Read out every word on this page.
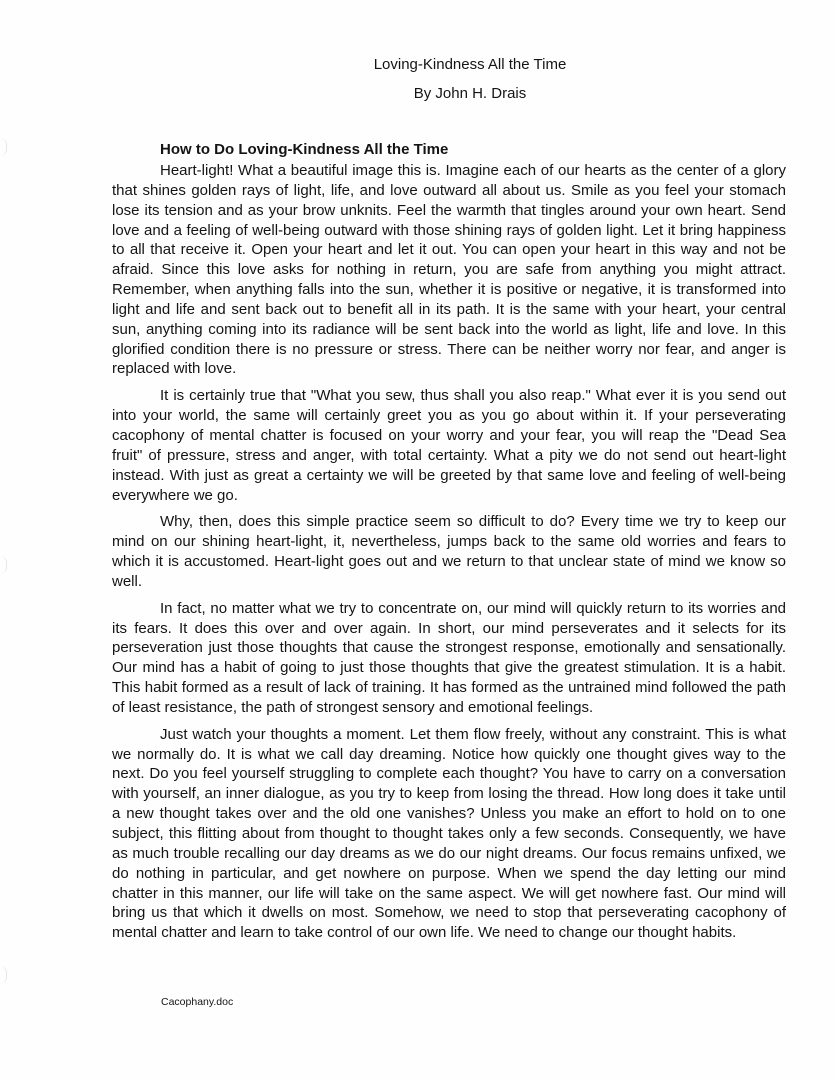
Loving-Kindness All the Time
By John H. Drais
How to Do Loving-Kindness All the Time

Heart-light! What a beautiful image this is. Imagine each of our hearts as the center of a glory that shines golden rays of light, life, and love outward all about us. Smile as you feel your stomach lose its tension and as your brow unknits. Feel the warmth that tingles around your own heart. Send love and a feeling of well-being outward with those shining rays of golden light. Let it bring happiness to all that receive it. Open your heart and let it out. You can open your heart in this way and not be afraid. Since this love asks for nothing in return, you are safe from anything you might attract. Remember, when anything falls into the sun, whether it is positive or negative, it is transformed into light and life and sent back out to benefit all in its path. It is the same with your heart, your central sun, anything coming into its radiance will be sent back into the world as light, life and love. In this glorified condition there is no pressure or stress. There can be neither worry nor fear, and anger is replaced with love.

It is certainly true that "What you sew, thus shall you also reap." What ever it is you send out into your world, the same will certainly greet you as you go about within it. If your perseverating cacophony of mental chatter is focused on your worry and your fear, you will reap the "Dead Sea fruit" of pressure, stress and anger, with total certainty. What a pity we do not send out heart-light instead. With just as great a certainty we will be greeted by that same love and feeling of well-being everywhere we go.

Why, then, does this simple practice seem so difficult to do? Every time we try to keep our mind on our shining heart-light, it, nevertheless, jumps back to the same old worries and fears to which it is accustomed. Heart-light goes out and we return to that unclear state of mind we know so well.

In fact, no matter what we try to concentrate on, our mind will quickly return to its worries and its fears. It does this over and over again. In short, our mind perseverates and it selects for its perseveration just those thoughts that cause the strongest response, emotionally and sensationally. Our mind has a habit of going to just those thoughts that give the greatest stimulation. It is a habit. This habit formed as a result of lack of training. It has formed as the untrained mind followed the path of least resistance, the path of strongest sensory and emotional feelings.

Just watch your thoughts a moment. Let them flow freely, without any constraint. This is what we normally do. It is what we call day dreaming. Notice how quickly one thought gives way to the next. Do you feel yourself struggling to complete each thought? You have to carry on a conversation with yourself, an inner dialogue, as you try to keep from losing the thread. How long does it take until a new thought takes over and the old one vanishes? Unless you make an effort to hold on to one subject, this flitting about from thought to thought takes only a few seconds. Consequently, we have as much trouble recalling our day dreams as we do our night dreams. Our focus remains unfixed, we do nothing in particular, and get nowhere on purpose. When we spend the day letting our mind chatter in this manner, our life will take on the same aspect. We will get nowhere fast. Our mind will bring us that which it dwells on most. Somehow, we need to stop that perseverating cacophony of mental chatter and learn to take control of our own life. We need to change our thought habits.

Cacophany.doc
